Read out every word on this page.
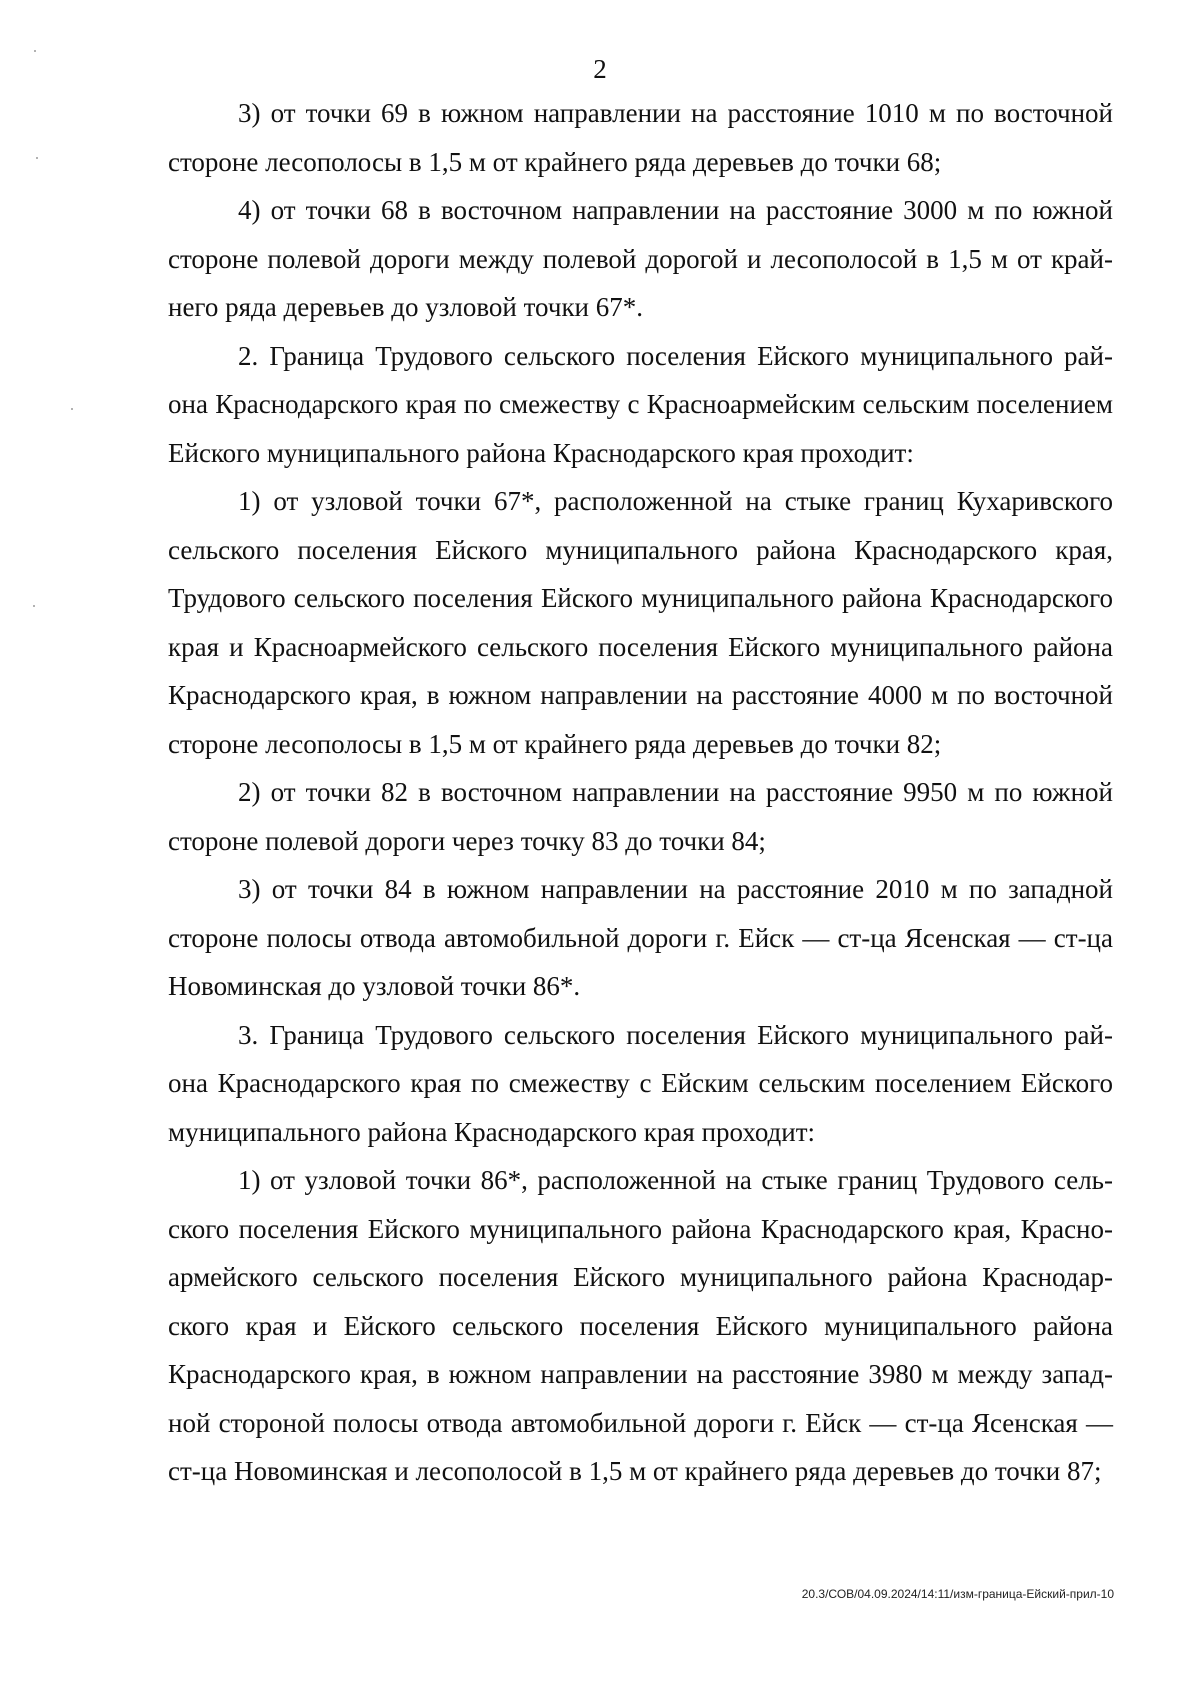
2

3) от точки 69 в южном направлении на расстояние 1010 м по восточной стороне лесополосы в 1,5 м от крайнего ряда деревьев до точки 68;

4) от точки 68 в восточном направлении на расстояние 3000 м по южной стороне полевой дороги между полевой дорогой и лесополосой в 1,5 м от крайнего ряда деревьев до узловой точки 67*.

2. Граница Трудового сельского поселения Ейского муниципального района Краснодарского края по смежеству с Красноармейским сельским поселением Ейского муниципального района Краснодарского края проходит:

1) от узловой точки 67*, расположенной на стыке границ Кухаривского сельского поселения Ейского муниципального района Краснодарского края, Трудового сельского поселения Ейского муниципального района Краснодарского края и Красноармейского сельского поселения Ейского муниципального района Краснодарского края, в южном направлении на расстояние 4000 м по восточной стороне лесополосы в 1,5 м от крайнего ряда деревьев до точки 82;

2) от точки 82 в восточном направлении на расстояние 9950 м по южной стороне полевой дороги через точку 83 до точки 84;

3) от точки 84 в южном направлении на расстояние 2010 м по западной стороне полосы отвода автомобильной дороги г. Ейск — ст-ца Ясенская — ст-ца Новоминская до узловой точки 86*.

3. Граница Трудового сельского поселения Ейского муниципального района Краснодарского края по смежеству с Ейским сельским поселением Ейского муниципального района Краснодарского края проходит:

1) от узловой точки 86*, расположенной на стыке границ Трудового сельского поселения Ейского муниципального района Краснодарского края, Красноармейского сельского поселения Ейского муниципального района Краснодарского края и Ейского сельского поселения Ейского муниципального района Краснодарского края, в южном направлении на расстояние 3980 м между западной стороной полосы отвода автомобильной дороги г. Ейск — ст-ца Ясенская — ст-ца Новоминская и лесополосой в 1,5 м от крайнего ряда деревьев до точки 87;

20.3/СОВ/04.09.2024/14:11/изм-граница-Ейский-прил-10
